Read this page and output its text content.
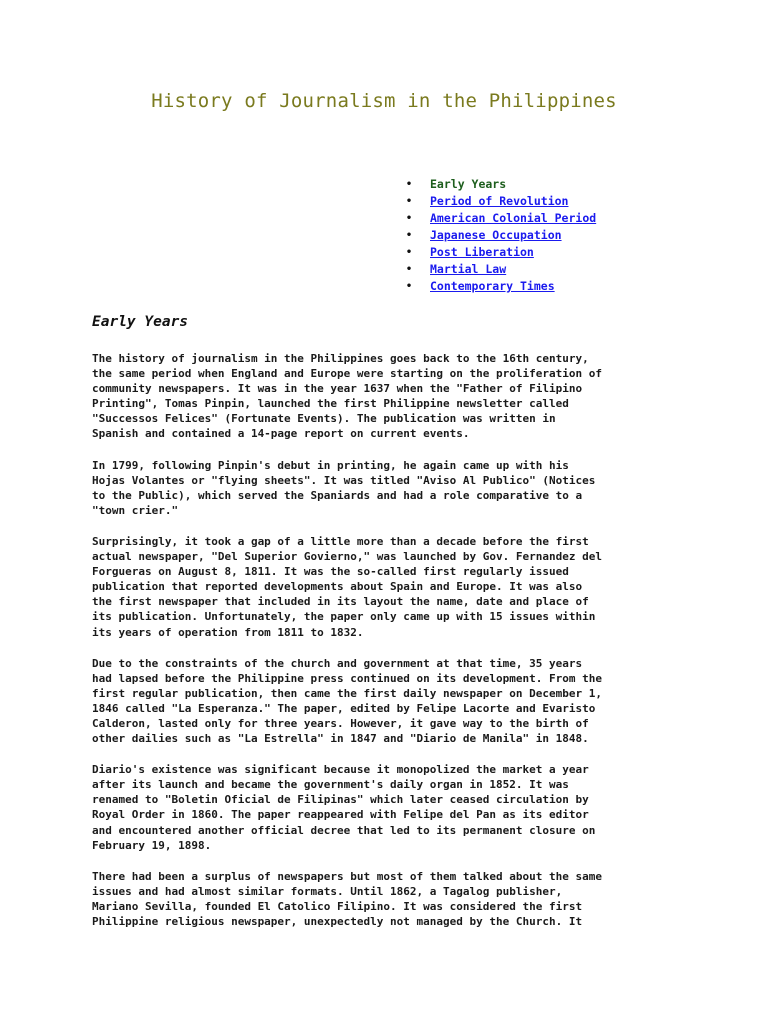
History of Journalism in the Philippines
• Early Years
• Period of Revolution
• American Colonial Period
• Japanese Occupation
• Post Liberation
• Martial Law
• Contemporary Times
Early Years

The history of journalism in the Philippines goes back to the 16th century,
the same period when England and Europe were starting on the proliferation of
community newspapers. It was in the year 1637 when the "Father of Filipino
Printing", Tomas Pinpin, launched the first Philippine newsletter called
"Successos Felices" (Fortunate Events). The publication was written in
Spanish and contained a 14-page report on current events.

In 1799, following Pinpin's debut in printing, he again came up with his
Hojas Volantes or "flying sheets". It was titled "Aviso Al Publico" (Notices
to the Public), which served the Spaniards and had a role comparative to a
"town crier."

Surprisingly, it took a gap of a little more than a decade before the first
actual newspaper, "Del Superior Govierno," was launched by Gov. Fernandez del
Forgueras on August 8, 1811. It was the so-called first regularly issued
publication that reported developments about Spain and Europe. It was also
the first newspaper that included in its layout the name, date and place of
its publication. Unfortunately, the paper only came up with 15 issues within
its years of operation from 1811 to 1832.

Due to the constraints of the church and government at that time, 35 years
had lapsed before the Philippine press continued on its development. From the
first regular publication, then came the first daily newspaper on December 1,
1846 called "La Esperanza." The paper, edited by Felipe Lacorte and Evaristo
Calderon, lasted only for three years. However, it gave way to the birth of
other dailies such as "La Estrella" in 1847 and "Diario de Manila" in 1848.

Diario's existence was significant because it monopolized the market a year
after its launch and became the government's daily organ in 1852. It was
renamed to "Boletin Oficial de Filipinas" which later ceased circulation by
Royal Order in 1860. The paper reappeared with Felipe del Pan as its editor
and encountered another official decree that led to its permanent closure on
February 19, 1898.

There had been a surplus of newspapers but most of them talked about the same
issues and had almost similar formats. Until 1862, a Tagalog publisher,
Mariano Sevilla, founded El Catolico Filipino. It was considered the first
Philippine religious newspaper, unexpectedly not managed by the Church. It
